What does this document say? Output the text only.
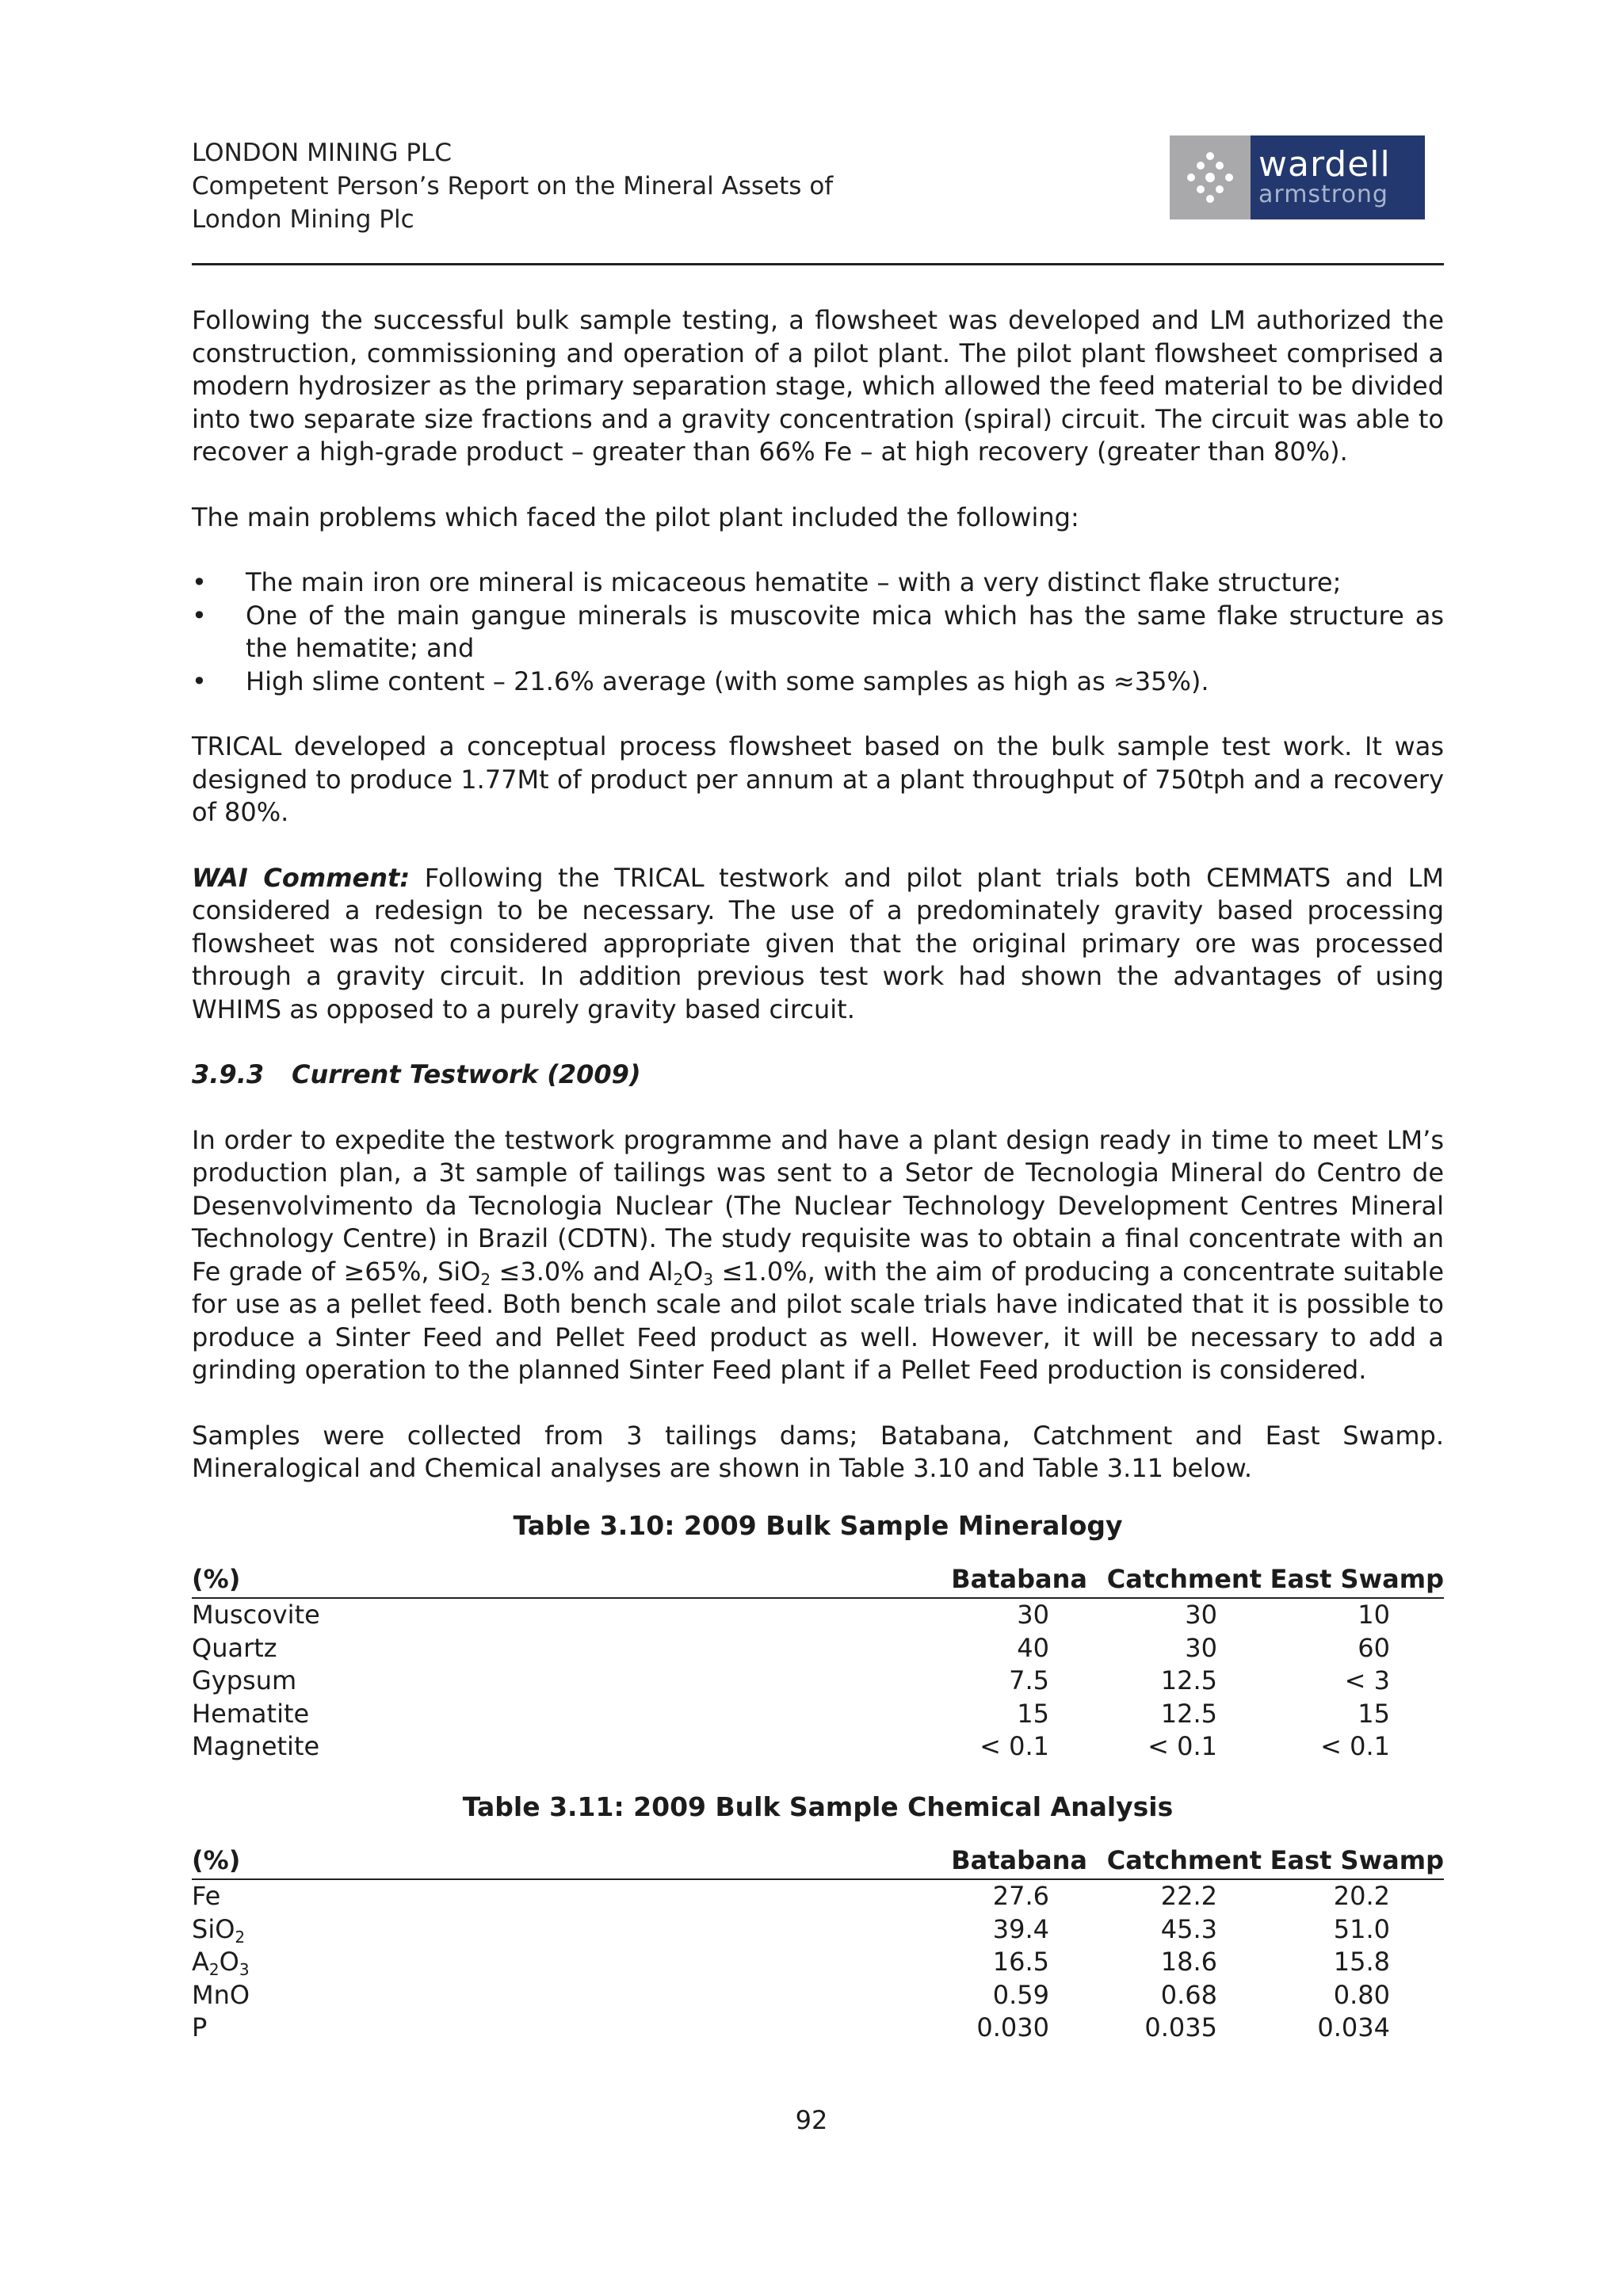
LONDON MINING PLC
Competent Person’s Report on the Mineral Assets of
London Mining Plc
wardell
armstrong

Following the successful bulk sample testing, a flowsheet was developed and LM authorized the construction, commissioning and operation of a pilot plant. The pilot plant flowsheet comprised a modern hydrosizer as the primary separation stage, which allowed the feed material to be divided into two separate size fractions and a gravity concentration (spiral) circuit. The circuit was able to recover a high-grade product – greater than 66% Fe – at high recovery (greater than 80%).

The main problems which faced the pilot plant included the following:

•	The main iron ore mineral is micaceous hematite – with a very distinct flake structure;
•	One of the main gangue minerals is muscovite mica which has the same flake structure as the hematite; and
•	High slime content – 21.6% average (with some samples as high as ≈35%).

TRICAL developed a conceptual process flowsheet based on the bulk sample test work. It was designed to produce 1.77Mt of product per annum at a plant throughput of 750tph and a recovery of 80%.

WAI Comment: Following the TRICAL testwork and pilot plant trials both CEMMATS and LM considered a redesign to be necessary. The use of a predominately gravity based processing flowsheet was not considered appropriate given that the original primary ore was processed through a gravity circuit. In addition previous test work had shown the advantages of using WHIMS as opposed to a purely gravity based circuit.

3.9.3 Current Testwork (2009)

In order to expedite the testwork programme and have a plant design ready in time to meet LM’s production plan, a 3t sample of tailings was sent to a Setor de Tecnologia Mineral do Centro de Desenvolvimento da Tecnologia Nuclear (The Nuclear Technology Development Centres Mineral Technology Centre) in Brazil (CDTN). The study requisite was to obtain a final concentrate with an Fe grade of ≥65%, SiO$_2$ ≤3.0% and $Al_2O_3 \le 1.0\%$, with the aim of producing a concentrate suitable for use as a pellet feed. Both bench scale and pilot scale trials have indicated that it is possible to produce a Sinter Feed and Pellet Feed product as well. However, it will be necessary to add a grinding operation to the planned Sinter Feed plant if a Pellet Feed production is considered.

Samples were collected from 3 tailings dams; Batabana, Catchment and East Swamp. Mineralogical and Chemical analyses are shown in Table 3.10 and Table 3.11 below.

Table 3.10: 2009 Bulk Sample Mineralogy

(%)	Batabana	Catchment	East Swamp
Muscovite	30	30	10
Quartz	40	30	60
Gypsum	7.5	12.5	< 3
Hematite	15	12.5	15
Magnetite	< 0.1	< 0.1	< 0.1

Table 3.11: 2009 Bulk Sample Chemical Analysis

(%)	Batabana	Catchment	East Swamp
Fe	27.6	22.2	20.2
SiO$_2$	39.4	45.3	51.0
$A_2O_3$	16.5	18.6	15.8
MnO	0.59	0.68	0.80
P	0.030	0.035	0.034
92
